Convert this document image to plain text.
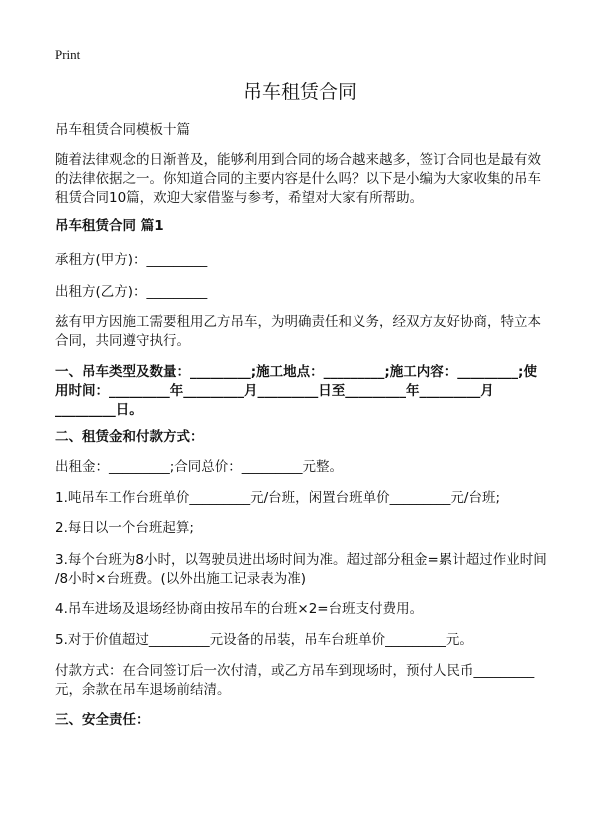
Print
吊车租赁合同
吊车租赁合同模板十篇
随着法律观念的日渐普及，能够利用到合同的场合越来越多，签订合同也是最有效
的法律依据之一。你知道合同的主要内容是什么吗？以下是小编为大家收集的吊车
租赁合同10篇，欢迎大家借鉴与参考，希望对大家有所帮助。
吊车租赁合同 篇1
承租方(甲方)：_________
出租方(乙方)：_________
兹有甲方因施工需要租用乙方吊车，为明确责任和义务，经双方友好协商，特立本
合同，共同遵守执行。
一、吊车类型及数量：_________;施工地点：_________;施工内容：_________;使
用时间：_________年_________月_________日至_________年_________月
_________日。
二、租赁金和付款方式：
出租金：_________;合同总价：_________元整。
1.吨吊车工作台班单价_________元/台班，闲置台班单价_________元/台班;
2.每日以一个台班起算;
3.每个台班为8小时，以驾驶员进出场时间为准。超过部分租金=累计超过作业时间
/8小时×台班费。(以外出施工记录表为准)
4.吊车进场及退场经协商由按吊车的台班×2=台班支付费用。
5.对于价值超过_________元设备的吊装，吊车台班单价_________元。
付款方式：在合同签订后一次付清，或乙方吊车到现场时，预付人民币_________
元，余款在吊车退场前结清。
三、安全责任：
